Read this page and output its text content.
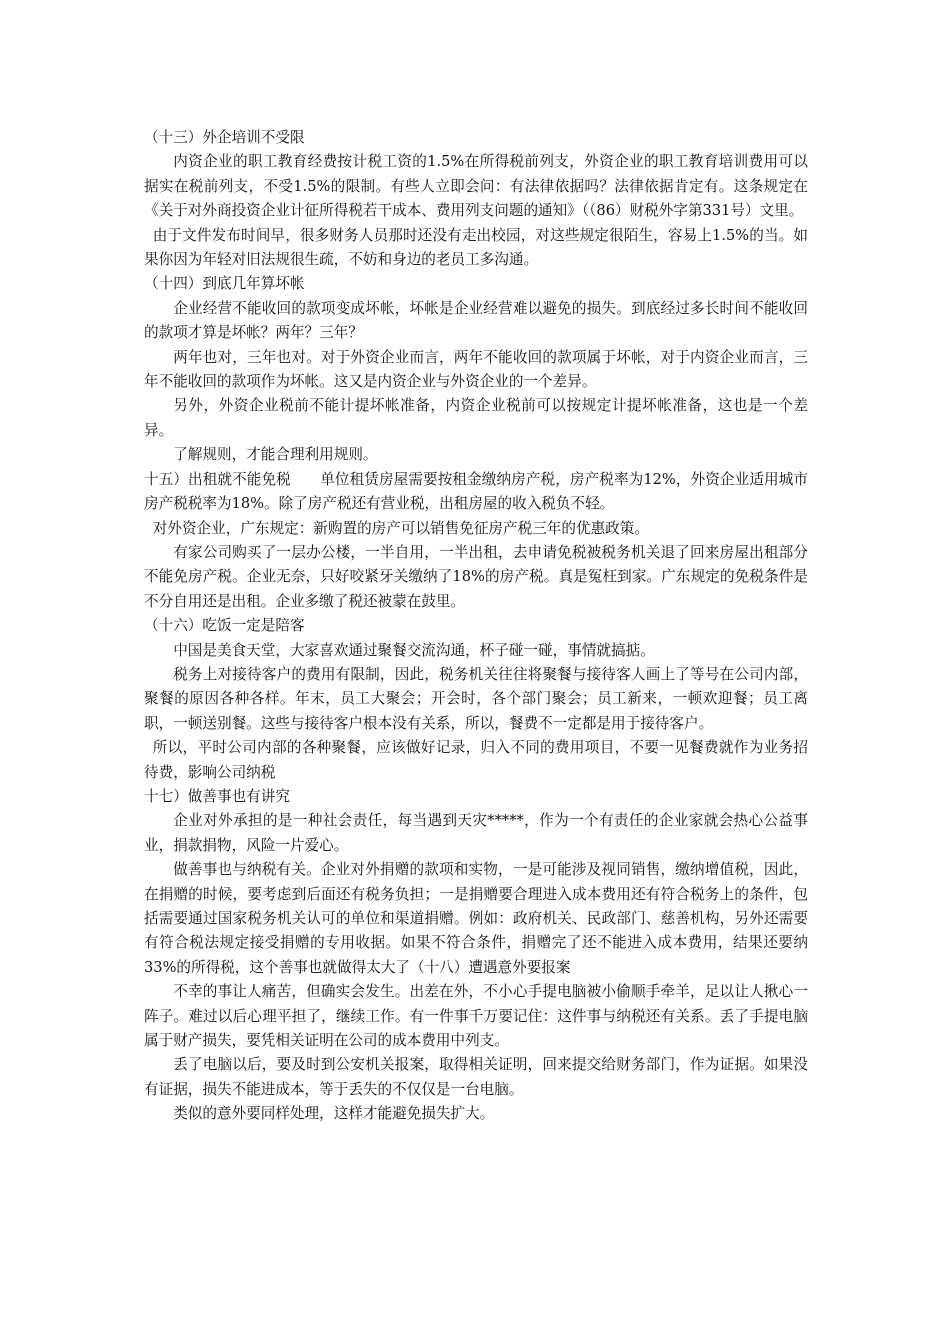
（十三）外企培训不受限

内资企业的职工教育经费按计税工资的1.5%在所得税前列支，外资企业的职工教育培训费用可以据实在税前列支，不受1.5%的限制。有些人立即会问：有法律依据吗？法律依据肯定有。这条规定在《关于对外商投资企业计征所得税若干成本、费用列支问题的通知》（（86）财税外字第331号）文里。

由于文件发布时间早，很多财务人员那时还没有走出校园，对这些规定很陌生，容易上1.5%的当。如果你因为年轻对旧法规很生疏，不妨和身边的老员工多沟通。

（十四）到底几年算坏帐

企业经营不能收回的款项变成坏帐，坏帐是企业经营难以避免的损失。到底经过多长时间不能收回的款项才算是坏帐？两年？三年？

两年也对，三年也对。对于外资企业而言，两年不能收回的款项属于坏帐，对于内资企业而言，三年不能收回的款项作为坏帐。这又是内资企业与外资企业的一个差异。

另外，外资企业税前不能计提坏帐准备，内资企业税前可以按规定计提坏帐准备，这也是一个差异。

了解规则，才能合理利用规则。

十五）出租就不能免税　　单位租赁房屋需要按租金缴纳房产税，房产税率为12%，外资企业适用城市房产税税率为18%。除了房产税还有营业税，出租房屋的收入税负不轻。

对外资企业，广东规定：新购置的房产可以销售免征房产税三年的优惠政策。

有家公司购买了一层办公楼，一半自用，一半出租，去申请免税被税务机关退了回来房屋出租部分不能免房产税。企业无奈，只好咬紧牙关缴纳了18%的房产税。真是冤枉到家。广东规定的免税条件是不分自用还是出租。企业多缴了税还被蒙在鼓里。

（十六）吃饭一定是陪客

中国是美食天堂，大家喜欢通过聚餐交流沟通，杯子碰一碰，事情就搞掂。

税务上对接待客户的费用有限制，因此，税务机关往往将聚餐与接待客人画上了等号在公司内部，聚餐的原因各种各样。年末，员工大聚会；开会时，各个部门聚会；员工新来，一顿欢迎餐；员工离职，一顿送别餐。这些与接待客户根本没有关系，所以，餐费不一定都是用于接待客户。

所以，平时公司内部的各种聚餐，应该做好记录，归入不同的费用项目，不要一见餐费就作为业务招待费，影响公司纳税

十七）做善事也有讲究

企业对外承担的是一种社会责任，每当遇到天灾*****，作为一个有责任的企业家就会热心公益事业，捐款捐物，风险一片爱心。

做善事也与纳税有关。企业对外捐赠的款项和实物，一是可能涉及视同销售，缴纳增值税，因此，在捐赠的时候，要考虑到后面还有税务负担；一是捐赠要合理进入成本费用还有符合税务上的条件，包括需要通过国家税务机关认可的单位和渠道捐赠。例如：政府机关、民政部门、慈善机构，另外还需要有符合税法规定接受捐赠的专用收据。如果不符合条件，捐赠完了还不能进入成本费用，结果还要纳33%的所得税，这个善事也就做得太大了（十八）遭遇意外要报案

不幸的事让人痛苦，但确实会发生。出差在外，不小心手提电脑被小偷顺手牵羊，足以让人揪心一阵子。难过以后心理平担了，继续工作。有一件事千万要记住：这件事与纳税还有关系。丢了手提电脑属于财产损失，要凭相关证明在公司的成本费用中列支。

丢了电脑以后，要及时到公安机关报案，取得相关证明，回来提交给财务部门，作为证据。如果没有证据，损失不能进成本，等于丢失的不仅仅是一台电脑。

类似的意外要同样处理，这样才能避免损失扩大。
